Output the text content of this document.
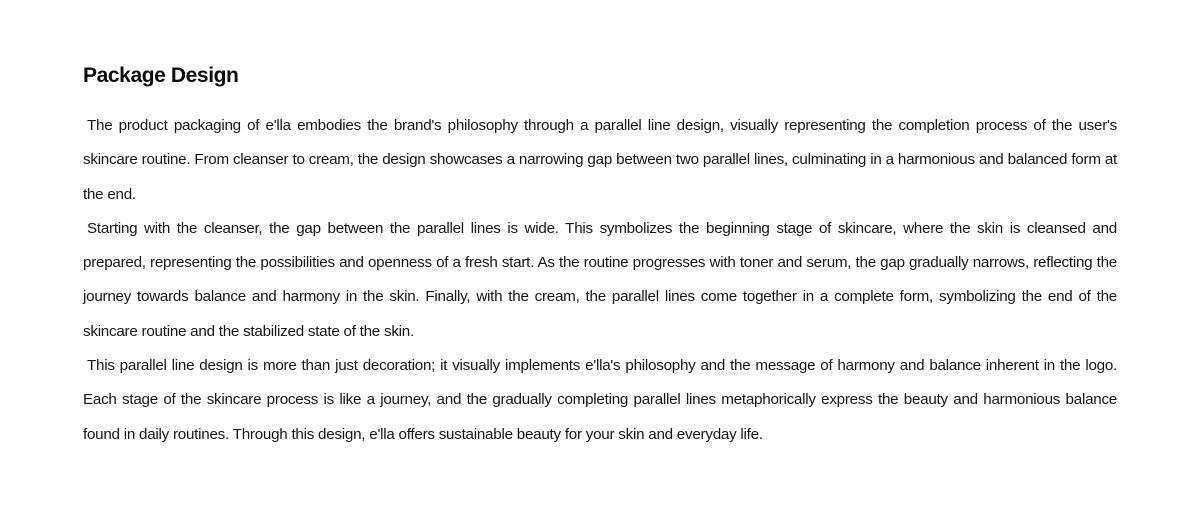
Package Design
The product packaging of e'lla embodies the brand's philosophy through a parallel line design, visually representing the completion process of the user's skincare routine. From cleanser to cream, the design showcases a narrowing gap between two parallel lines, culminating in a harmonious and balanced form at the end.
Starting with the cleanser, the gap between the parallel lines is wide. This symbolizes the beginning stage of skincare, where the skin is cleansed and prepared, representing the possibilities and openness of a fresh start. As the routine progresses with toner and serum, the gap gradually narrows, reflecting the journey towards balance and harmony in the skin. Finally, with the cream, the parallel lines come together in a complete form, symbolizing the end of the skincare routine and the stabilized state of the skin.
This parallel line design is more than just decoration; it visually implements e'lla's philosophy and the message of harmony and balance inherent in the logo. Each stage of the skincare process is like a journey, and the gradually completing parallel lines metaphorically express the beauty and harmonious balance found in daily routines. Through this design, e'lla offers sustainable beauty for your skin and everyday life.
